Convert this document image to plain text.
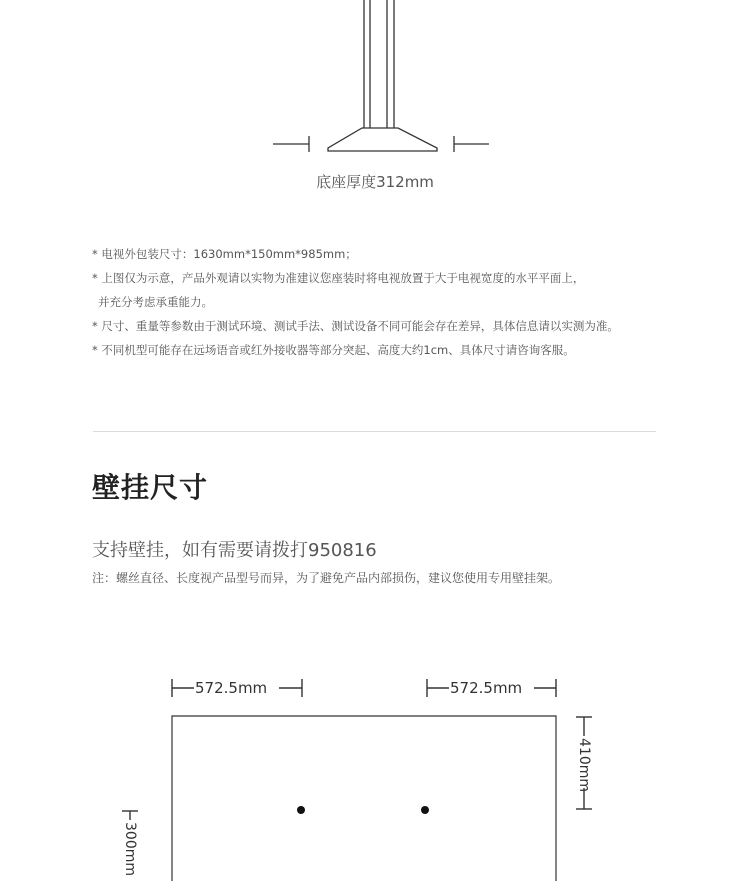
底座厚度312mm
* 电视外包装尺寸：1630mm*150mm*985mm；
* 上图仅为示意，产品外观请以实物为准建议您座装时将电视放置于大于电视宽度的水平平面上，
并充分考虑承重能力。
* 尺寸、重量等参数由于测试环境、测试手法、测试设备不同可能会存在差异，具体信息请以实测为准。
* 不同机型可能存在远场语音或红外接收器等部分突起、高度大约1cm、具体尺寸请咨询客服。
壁挂尺寸
支持壁挂，如有需要请拨打950816
注：螺丝直径、长度视产品型号而异，为了避免产品内部损伤，建议您使用专用壁挂架。
572.5mm	572.5mm
410mm
300mm
